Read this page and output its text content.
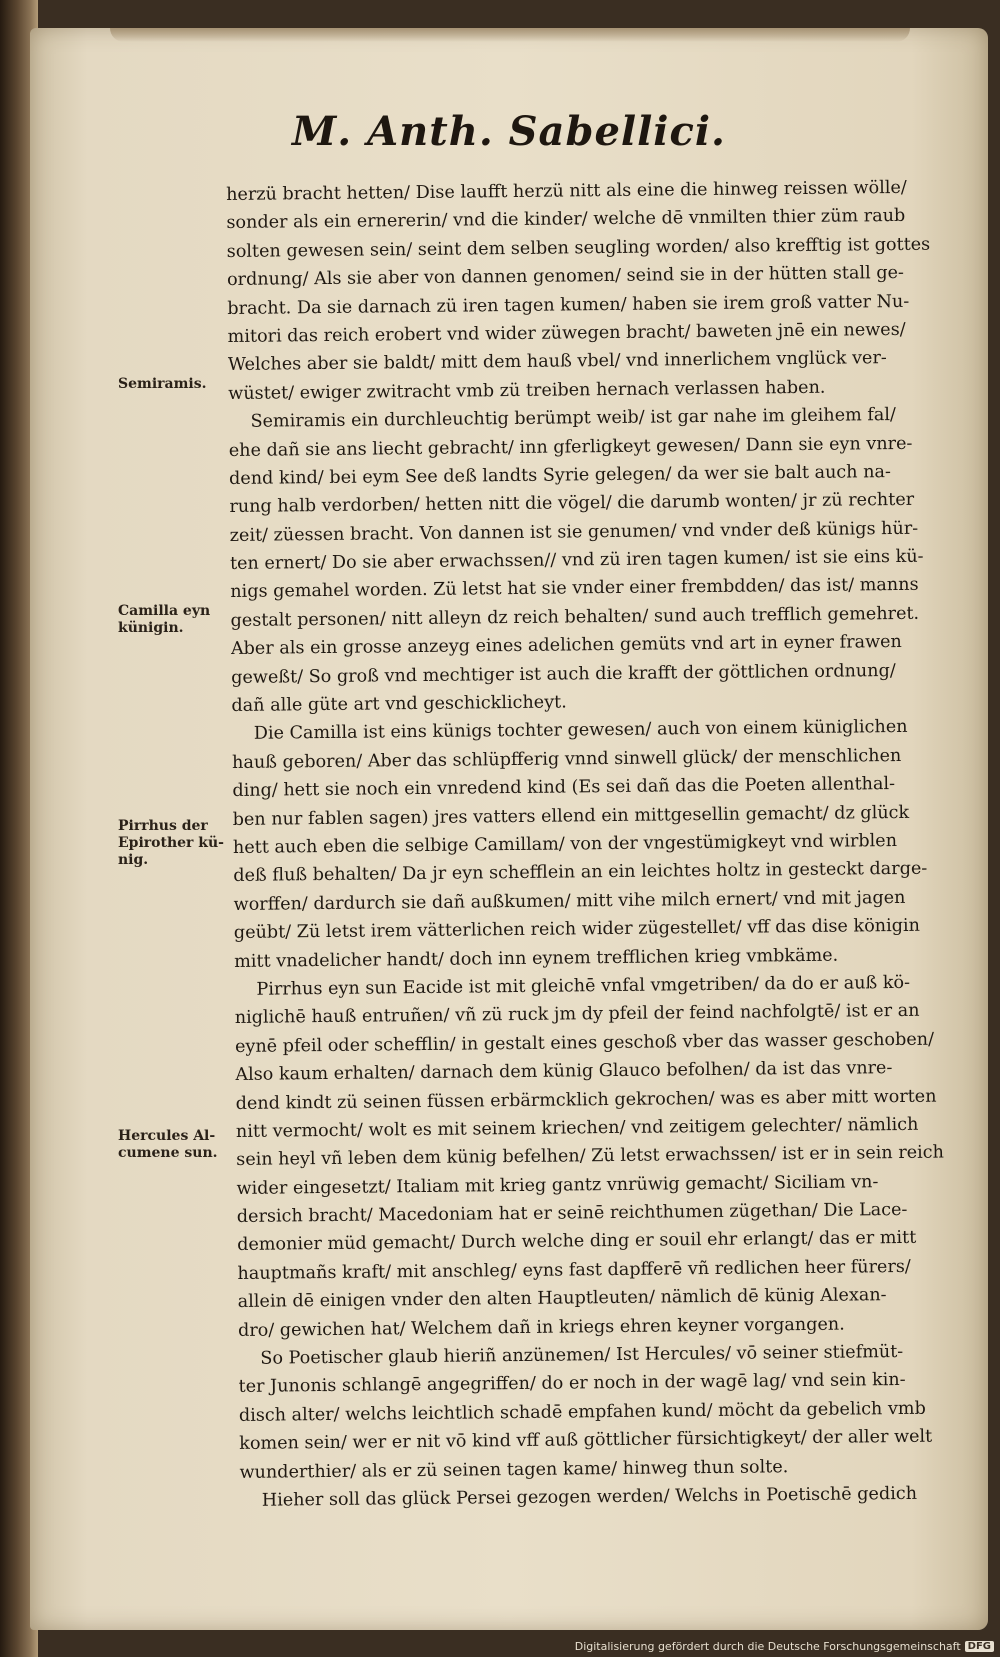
M. Anth. Sabellici.
Semiramis.
Camilla eyn künigin.
Pirrhus der Epirother kü-nig.
Hercules Al-cumene sun.
herzü bracht hetten/ Dise laufft herzü nitt als eine die hinweg reissen wölle/
sonder als ein ernererin/ vnd die kinder/ welche dē vnmilten thier züm raub
solten gewesen sein/ seint dem selben seugling worden/ also krefftig ist gottes
ordnung/ Als sie aber von dannen genomen/ seind sie in der hütten stall ge-
bracht. Da sie darnach zü iren tagen kumen/ haben sie irem groß vatter Nu-
mitori das reich erobert vnd wider züwegen bracht/ baweten jnē ein newes/
Welches aber sie baldt/ mitt dem hauß vbel/ vnd innerlichem vnglück ver-
wüstet/ ewiger zwitracht vmb zü treiben hernach verlassen haben.
Semiramis ein durchleuchtig berümpt weib/ ist gar nahe im gleihem fal/
ehe dañ sie ans liecht gebracht/ inn gferligkeyt gewesen/ Dann sie eyn vnre-
dend kind/ bei eym See deß landts Syrie gelegen/ da wer sie balt auch na-
rung halb verdorben/ hetten nitt die vögel/ die darumb wonten/ jr zü rechter
zeit/ züessen bracht. Von dannen ist sie genumen/ vnd vnder deß künigs hür-
ten ernert/ Do sie aber erwachssen// vnd zü iren tagen kumen/ ist sie eins kü-
nigs gemahel worden. Zü letst hat sie vnder einer frembdden/ das ist/ manns
gestalt personen/ nitt alleyn dz reich behalten/ sund auch trefflich gemehret.
Aber als ein grosse anzeyg eines adelichen gemüts vnd art in eyner frawen
geweßt/ So groß vnd mechtiger ist auch die krafft der göttlichen ordnung/
dañ alle güte art vnd geschicklicheyt.
Die Camilla ist eins künigs tochter gewesen/ auch von einem küniglichen
hauß geboren/ Aber das schlüpfferig vnnd sinwell glück/ der menschlichen
ding/ hett sie noch ein vnredend kind (Es sei dañ das die Poeten allenthal-
ben nur fablen sagen) jres vatters ellend ein mittgesellin gemacht/ dz glück
hett auch eben die selbige Camillam/ von der vngestümigkeyt vnd wirblen
deß fluß behalten/ Da jr eyn schefflein an ein leichtes holtz in gesteckt darge-
worffen/ dardurch sie dañ außkumen/ mitt vihe milch ernert/ vnd mit jagen
geübt/ Zü letst irem vätterlichen reich wider zügestellet/ vff das dise königin
mitt vnadelicher handt/ doch inn eynem trefflichen krieg vmbkäme.
Pirrhus eyn sun Eacide ist mit gleichē vnfal vmgetriben/ da do er auß kö-
niglichē hauß entruñen/ vñ zü ruck jm dy pfeil der feind nachfolgtē/ ist er an
eynē pfeil oder schefflin/ in gestalt eines geschoß vber das wasser geschoben/
Also kaum erhalten/ darnach dem künig Glauco befolhen/ da ist das vnre-
dend kindt zü seinen füssen erbärmcklich gekrochen/ was es aber mitt worten
nitt vermocht/ wolt es mit seinem kriechen/ vnd zeitigem gelechter/ nämlich
sein heyl vñ leben dem künig befelhen/ Zü letst erwachssen/ ist er in sein reich
wider eingesetzt/ Italiam mit krieg gantz vnrüwig gemacht/ Siciliam vn-
dersich bracht/ Macedoniam hat er seinē reichthumen zügethan/ Die Lace-
demonier müd gemacht/ Durch welche ding er souil ehr erlangt/ das er mitt
hauptmañs kraft/ mit anschleg/ eyns fast dapfferē vñ redlichen heer fürers/
allein dē einigen vnder den alten Hauptleuten/ nämlich dē künig Alexan-
dro/ gewichen hat/ Welchem dañ in kriegs ehren keyner vorgangen.
So Poetischer glaub hieriñ anzünemen/ Ist Hercules/ vō seiner stiefmüt-
ter Junonis schlangē angegriffen/ do er noch in der wagē lag/ vnd sein kin-
disch alter/ welchs leichtlich schadē empfahen kund/ möcht da gebelich vmb
komen sein/ wer er nit vō kind vff auß göttlicher fürsichtigkeyt/ der aller welt
wunderthier/ als er zü seinen tagen kame/ hinweg thun solte.
Hieher soll das glück Persei gezogen werden/ Welchs in Poetischē gedich
Digitalisierung gefördert durch die Deutsche Forschungsgemeinschaft DFG
